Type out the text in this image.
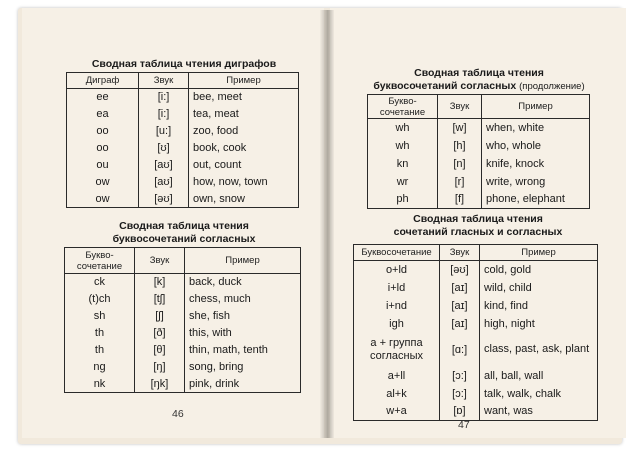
Сводная таблица чтения диграфов
Диграф	Звук	Пример
ee	[i:]	bee, meet
ea	[i:]	tea, meat
oo	[u:]	zoo, food
oo	[ʊ]	book, cook
ou	[aʊ]	out, count
ow	[aʊ]	how, now, town
ow	[əʊ]	own, snow
Сводная таблица чтения
буквосочетаний согласных
Букво-
сочетание	Звук	Пример
ck	[k]	back, duck
(t)ch	[tʃ]	chess, much
sh	[ʃ]	she, fish
th	[ð]	this, with
th	[θ]	thin, math, tenth
ng	[ŋ]	song, bring
nk	[ŋk]	pink, drink
46
Сводная таблица чтения
буквосочетаний согласных (продолжение)
Букво-
сочетание	Звук	Пример
wh	[w]	when, white
wh	[h]	who, whole
kn	[n]	knife, knock
wr	[r]	write, wrong
ph	[f]	phone, elephant
Сводная таблица чтения
сочетаний гласных и согласных
Буквосочетание	Звук	Пример
o+ld	[əʊ]	cold, gold
i+ld	[aɪ]	wild, child
i+nd	[aɪ]	kind, find
igh	[aɪ]	high, night
a + группа согласных	[ɑ:]	class, past, ask, plant
a+ll	[ɔ:]	all, ball, wall
al+k	[ɔ:]	talk, walk, chalk
w+a	[ɒ]	want, was
47
